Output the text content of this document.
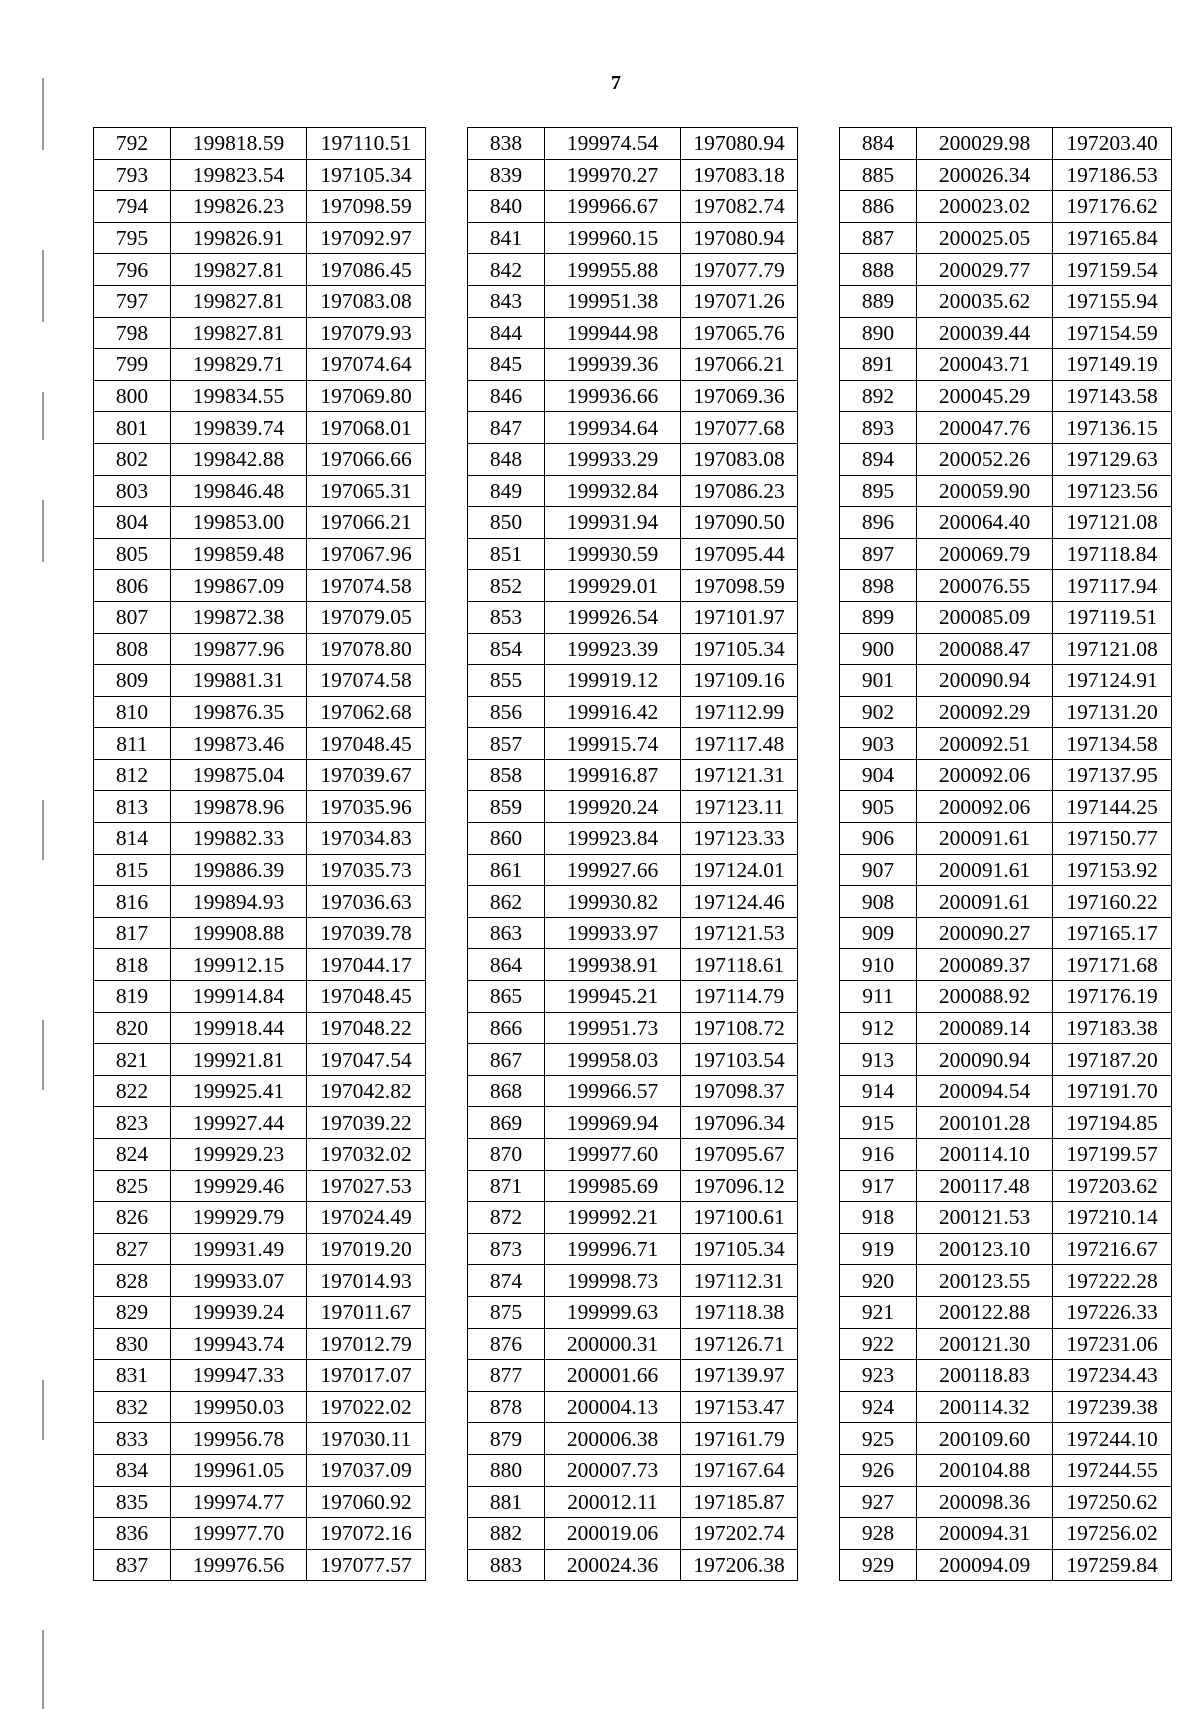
7
792	199818.59	197110.51
793	199823.54	197105.34
794	199826.23	197098.59
795	199826.91	197092.97
796	199827.81	197086.45
797	199827.81	197083.08
798	199827.81	197079.93
799	199829.71	197074.64
800	199834.55	197069.80
801	199839.74	197068.01
802	199842.88	197066.66
803	199846.48	197065.31
804	199853.00	197066.21
805	199859.48	197067.96
806	199867.09	197074.58
807	199872.38	197079.05
808	199877.96	197078.80
809	199881.31	197074.58
810	199876.35	197062.68
811	199873.46	197048.45
812	199875.04	197039.67
813	199878.96	197035.96
814	199882.33	197034.83
815	199886.39	197035.73
816	199894.93	197036.63
817	199908.88	197039.78
818	199912.15	197044.17
819	199914.84	197048.45
820	199918.44	197048.22
821	199921.81	197047.54
822	199925.41	197042.82
823	199927.44	197039.22
824	199929.23	197032.02
825	199929.46	197027.53
826	199929.79	197024.49
827	199931.49	197019.20
828	199933.07	197014.93
829	199939.24	197011.67
830	199943.74	197012.79
831	199947.33	197017.07
832	199950.03	197022.02
833	199956.78	197030.11
834	199961.05	197037.09
835	199974.77	197060.92
836	199977.70	197072.16
837	199976.56	197077.57
838	199974.54	197080.94
839	199970.27	197083.18
840	199966.67	197082.74
841	199960.15	197080.94
842	199955.88	197077.79
843	199951.38	197071.26
844	199944.98	197065.76
845	199939.36	197066.21
846	199936.66	197069.36
847	199934.64	197077.68
848	199933.29	197083.08
849	199932.84	197086.23
850	199931.94	197090.50
851	199930.59	197095.44
852	199929.01	197098.59
853	199926.54	197101.97
854	199923.39	197105.34
855	199919.12	197109.16
856	199916.42	197112.99
857	199915.74	197117.48
858	199916.87	197121.31
859	199920.24	197123.11
860	199923.84	197123.33
861	199927.66	197124.01
862	199930.82	197124.46
863	199933.97	197121.53
864	199938.91	197118.61
865	199945.21	197114.79
866	199951.73	197108.72
867	199958.03	197103.54
868	199966.57	197098.37
869	199969.94	197096.34
870	199977.60	197095.67
871	199985.69	197096.12
872	199992.21	197100.61
873	199996.71	197105.34
874	199998.73	197112.31
875	199999.63	197118.38
876	200000.31	197126.71
877	200001.66	197139.97
878	200004.13	197153.47
879	200006.38	197161.79
880	200007.73	197167.64
881	200012.11	197185.87
882	200019.06	197202.74
883	200024.36	197206.38
884	200029.98	197203.40
885	200026.34	197186.53
886	200023.02	197176.62
887	200025.05	197165.84
888	200029.77	197159.54
889	200035.62	197155.94
890	200039.44	197154.59
891	200043.71	197149.19
892	200045.29	197143.58
893	200047.76	197136.15
894	200052.26	197129.63
895	200059.90	197123.56
896	200064.40	197121.08
897	200069.79	197118.84
898	200076.55	197117.94
899	200085.09	197119.51
900	200088.47	197121.08
901	200090.94	197124.91
902	200092.29	197131.20
903	200092.51	197134.58
904	200092.06	197137.95
905	200092.06	197144.25
906	200091.61	197150.77
907	200091.61	197153.92
908	200091.61	197160.22
909	200090.27	197165.17
910	200089.37	197171.68
911	200088.92	197176.19
912	200089.14	197183.38
913	200090.94	197187.20
914	200094.54	197191.70
915	200101.28	197194.85
916	200114.10	197199.57
917	200117.48	197203.62
918	200121.53	197210.14
919	200123.10	197216.67
920	200123.55	197222.28
921	200122.88	197226.33
922	200121.30	197231.06
923	200118.83	197234.43
924	200114.32	197239.38
925	200109.60	197244.10
926	200104.88	197244.55
927	200098.36	197250.62
928	200094.31	197256.02
929	200094.09	197259.84
